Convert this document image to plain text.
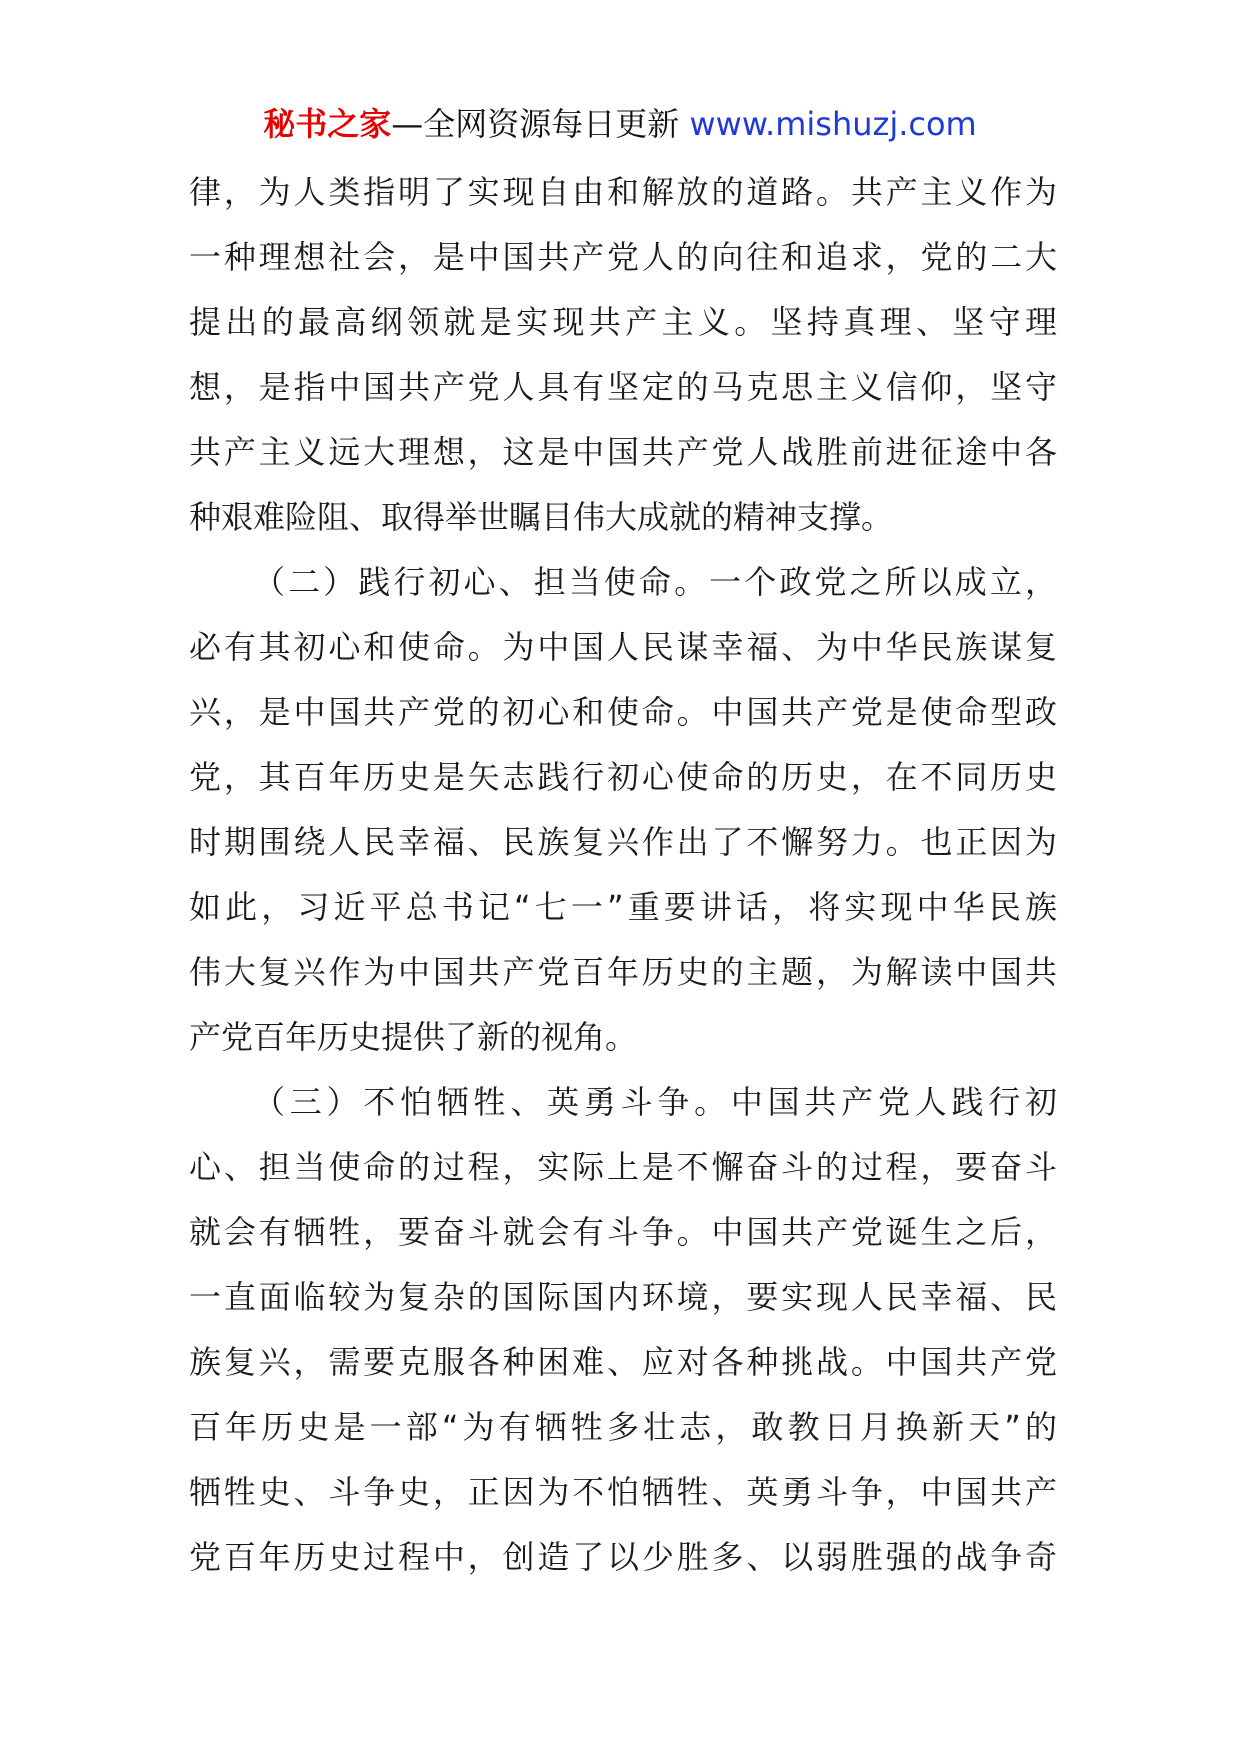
秘书之家—全网资源每日更新 www.mishuzj.com
律，为人类指明了实现自由和解放的道路。共产主义作为
一种理想社会，是中国共产党人的向往和追求，党的二大
提出的最高纲领就是实现共产主义。坚持真理、坚守理
想，是指中国共产党人具有坚定的马克思主义信仰，坚守
共产主义远大理想，这是中国共产党人战胜前进征途中各
种艰难险阻、取得举世瞩目伟大成就的精神支撑。
（二）践行初心、担当使命。一个政党之所以成立，
必有其初心和使命。为中国人民谋幸福、为中华民族谋复
兴，是中国共产党的初心和使命。中国共产党是使命型政
党，其百年历史是矢志践行初心使命的历史，在不同历史
时期围绕人民幸福、民族复兴作出了不懈努力。也正因为
如此，习近平总书记“七一”重要讲话，将实现中华民族
伟大复兴作为中国共产党百年历史的主题，为解读中国共
产党百年历史提供了新的视角。
（三）不怕牺牲、英勇斗争。中国共产党人践行初
心、担当使命的过程，实际上是不懈奋斗的过程，要奋斗
就会有牺牲，要奋斗就会有斗争。中国共产党诞生之后，
一直面临较为复杂的国际国内环境，要实现人民幸福、民
族复兴，需要克服各种困难、应对各种挑战。中国共产党
百年历史是一部“为有牺牲多壮志，敢教日月换新天”的
牺牲史、斗争史，正因为不怕牺牲、英勇斗争，中国共产
党百年历史过程中，创造了以少胜多、以弱胜强的战争奇
